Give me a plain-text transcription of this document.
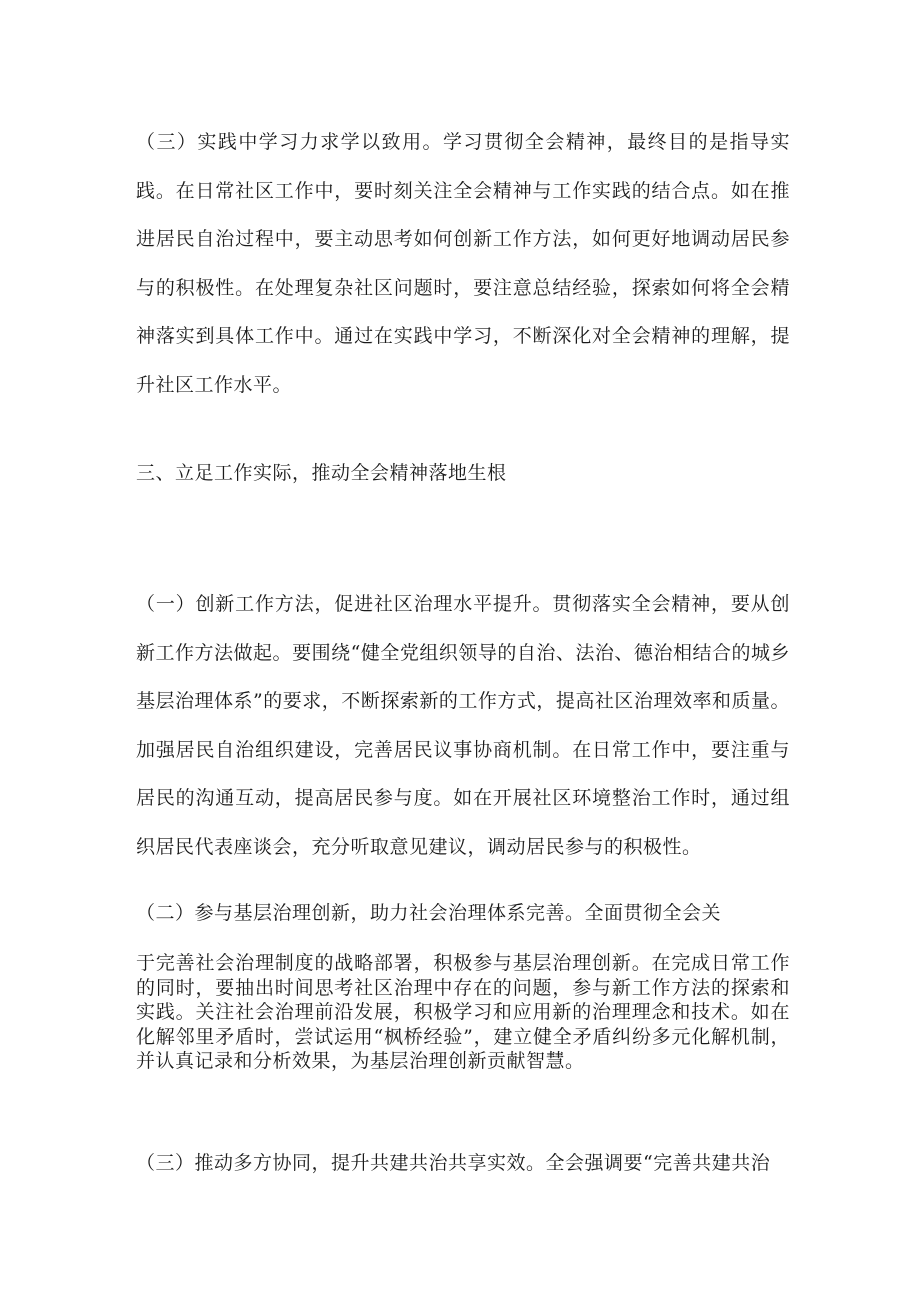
（三）实践中学习力求学以致用。学习贯彻全会精神，最终目的是指导实践。在日常社区工作中，要时刻关注全会精神与工作实践的结合点。如在推进居民自治过程中，要主动思考如何创新工作方法，如何更好地调动居民参与的积极性。在处理复杂社区问题时，要注意总结经验，探索如何将全会精神落实到具体工作中。通过在实践中学习，不断深化对全会精神的理解，提升社区工作水平。

三、立足工作实际，推动全会精神落地生根

（一）创新工作方法，促进社区治理水平提升。贯彻落实全会精神，要从创新工作方法做起。要围绕“健全党组织领导的自治、法治、德治相结合的城乡基层治理体系”的要求，不断探索新的工作方式，提高社区治理效率和质量。加强居民自治组织建设，完善居民议事协商机制。在日常工作中，要注重与居民的沟通互动，提高居民参与度。如在开展社区环境整治工作时，通过组织居民代表座谈会，充分听取意见建议，调动居民参与的积极性。

（二）参与基层治理创新，助力社会治理体系完善。全面贯彻全会关

于完善社会治理制度的战略部署，积极参与基层治理创新。在完成日常工作的同时，要抽出时间思考社区治理中存在的问题，参与新工作方法的探索和实践。关注社会治理前沿发展，积极学习和应用新的治理理念和技术。如在化解邻里矛盾时，尝试运用“枫桥经验”，建立健全矛盾纠纷多元化解机制，并认真记录和分析效果，为基层治理创新贡献智慧。

（三）推动多方协同，提升共建共治共享实效。全会强调要“完善共建共治
